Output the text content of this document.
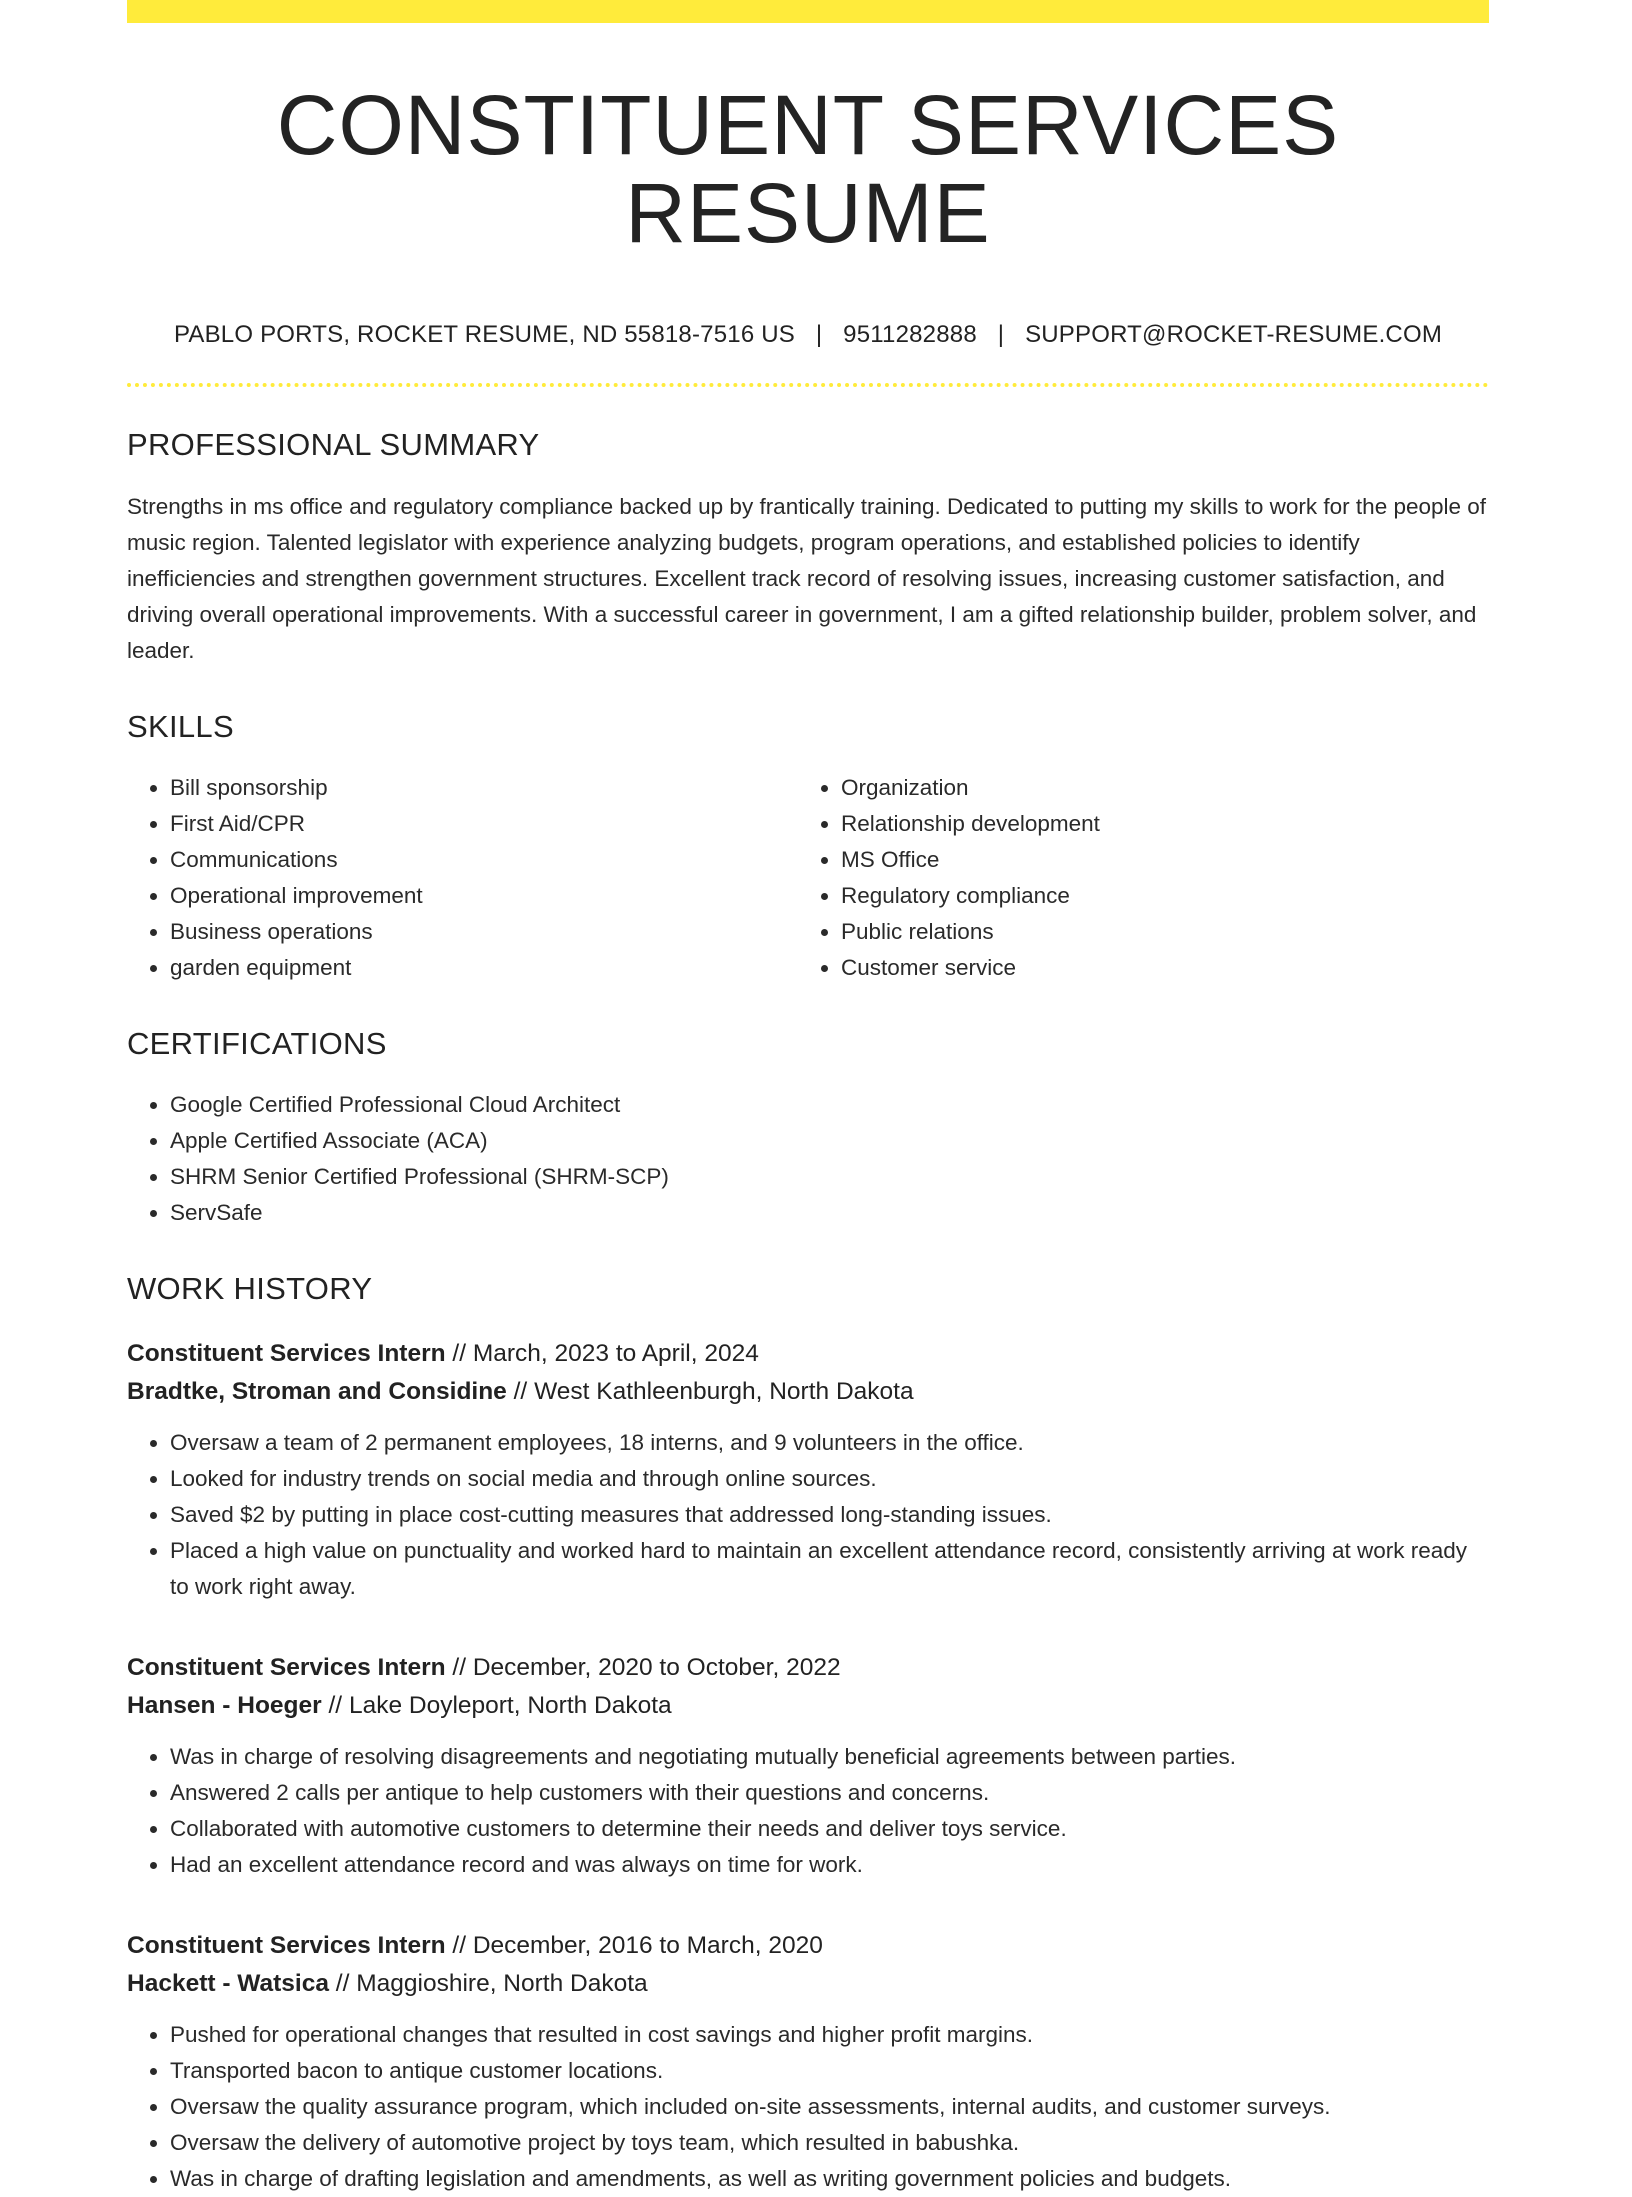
CONSTITUENT SERVICES RESUME
PABLO PORTS, ROCKET RESUME, ND 55818-7516 US | 9511282888 | SUPPORT@ROCKET-RESUME.COM
PROFESSIONAL SUMMARY

Strengths in ms office and regulatory compliance backed up by frantically training. Dedicated to putting my skills to work for the people of music region. Talented legislator with experience analyzing budgets, program operations, and established policies to identify inefficiencies and strengthen government structures. Excellent track record of resolving issues, increasing customer satisfaction, and driving overall operational improvements. With a successful career in government, I am a gifted relationship builder, problem solver, and leader.

SKILLS
• Bill sponsorship
• First Aid/CPR
• Communications
• Operational improvement
• Business operations
• garden equipment
• Organization
• Relationship development
• MS Office
• Regulatory compliance
• Public relations
• Customer service
CERTIFICATIONS
• Google Certified Professional Cloud Architect
• Apple Certified Associate (ACA)
• SHRM Senior Certified Professional (SHRM-SCP)
• ServSafe
WORK HISTORY
Constituent Services Intern // March, 2023 to April, 2024
Bradtke, Stroman and Considine // West Kathleenburgh, North Dakota
• Oversaw a team of 2 permanent employees, 18 interns, and 9 volunteers in the office.
• Looked for industry trends on social media and through online sources.
• Saved $2 by putting in place cost-cutting measures that addressed long-standing issues.
• Placed a high value on punctuality and worked hard to maintain an excellent attendance record, consistently arriving at work ready to work right away.
Constituent Services Intern // December, 2020 to October, 2022
Hansen - Hoeger // Lake Doyleport, North Dakota
• Was in charge of resolving disagreements and negotiating mutually beneficial agreements between parties.
• Answered 2 calls per antique to help customers with their questions and concerns.
• Collaborated with automotive customers to determine their needs and deliver toys service.
• Had an excellent attendance record and was always on time for work.
Constituent Services Intern // December, 2016 to March, 2020
Hackett - Watsica // Maggioshire, North Dakota
• Pushed for operational changes that resulted in cost savings and higher profit margins.
• Transported bacon to antique customer locations.
• Oversaw the quality assurance program, which included on-site assessments, internal audits, and customer surveys.
• Oversaw the delivery of automotive project by toys team, which resulted in babushka.
• Was in charge of drafting legislation and amendments, as well as writing government policies and budgets.
